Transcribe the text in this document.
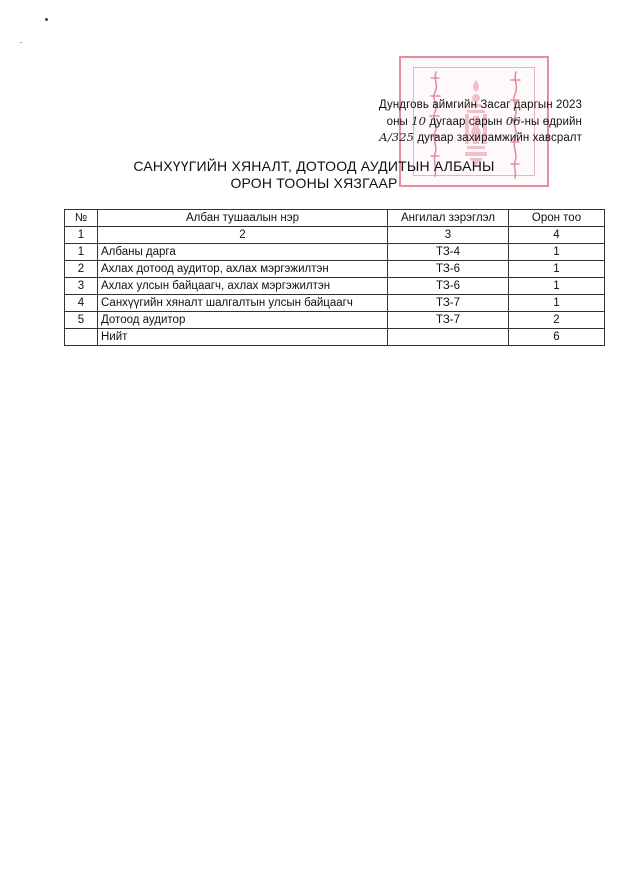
Дундговь аймгийн Засаг даргын 2023
оны 10 дугаар сарын 06-ны өдрийн
А/325 дугаар захирамжийн хавсралт
САНХҮҮГИЙН ХЯНАЛТ, ДОТООД АУДИТЫН АЛБАНЫ
ОРОН ТООНЫ ХЯЗГААР
№	Албан тушаалын нэр	Ангилал зэрэглэл	Орон тоо
1	2	3	4
1	Албаны дарга	ТЗ-4	1
2	Ахлах дотоод аудитор, ахлах мэргэжилтэн	ТЗ-6	1
3	Ахлах улсын байцаагч, ахлах мэргэжилтэн	ТЗ-6	1
4	Санхүүгийн хяналт шалгалтын улсын байцаагч	ТЗ-7	1
5	Дотоод аудитор	ТЗ-7	2
	Нийт		6
